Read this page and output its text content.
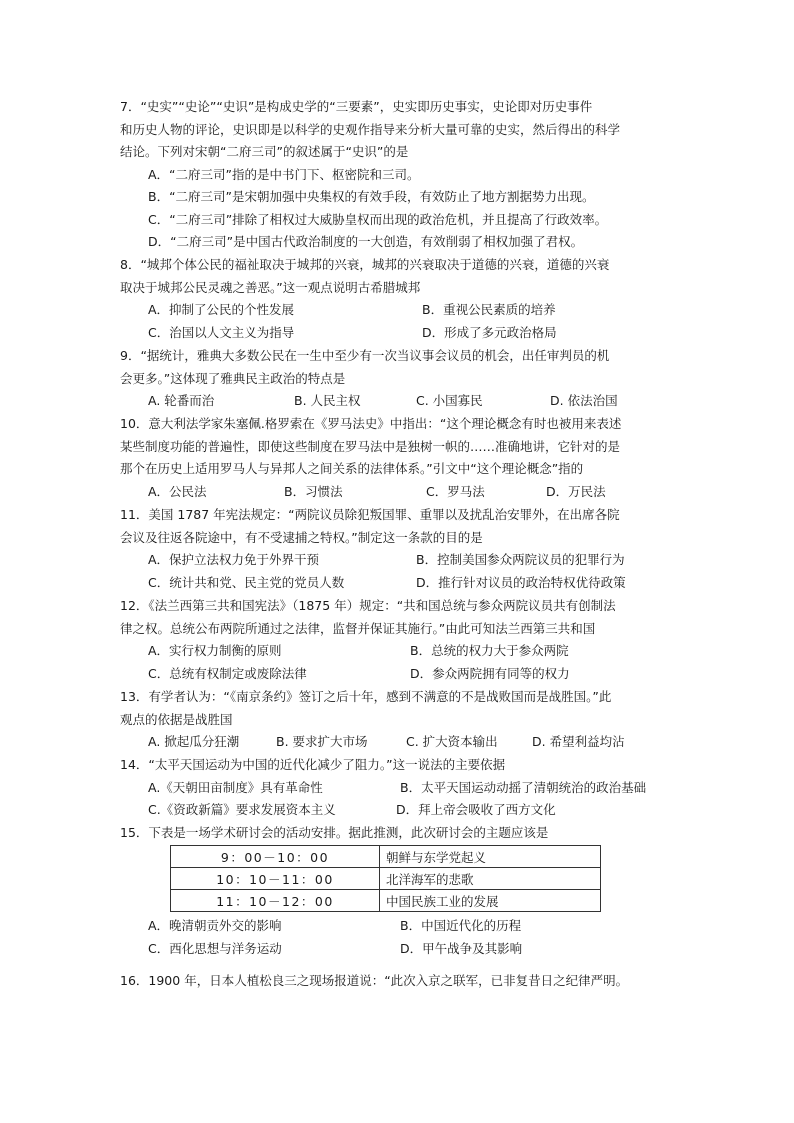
7．“史实”“史论”“史识”是构成史学的“三要素”，史实即历史事实，史论即对历史事件
和历史人物的评论，史识即是以科学的史观作指导来分析大量可靠的史实，然后得出的科学
结论。下列对宋朝“二府三司”的叙述属于“史识”的是
A．“二府三司”指的是中书门下、枢密院和三司。
B．“二府三司”是宋朝加强中央集权的有效手段，有效防止了地方割据势力出现。
C．“二府三司”排除了相权过大威胁皇权而出现的政治危机，并且提高了行政效率。
D．“二府三司”是中国古代政治制度的一大创造，有效削弱了相权加强了君权。
8．“城邦个体公民的福祉取决于城邦的兴衰，城邦的兴衰取决于道德的兴衰，道德的兴衰
取决于城邦公民灵魂之善恶。”这一观点说明古希腊城邦
A．抑制了公民的个性发展	B．重视公民素质的培养
C．治国以人文主义为指导	D．形成了多元政治格局
9．“据统计，雅典大多数公民在一生中至少有一次当议事会议员的机会，出任审判员的机
会更多。”这体现了雅典民主政治的特点是
A. 轮番而治	B. 人民主权	C. 小国寡民	D. 依法治国
10．意大利法学家朱塞佩.格罗索在《罗马法史》中指出：“这个理论概念有时也被用来表述
某些制度功能的普遍性，即使这些制度在罗马法中是独树一帜的……准确地讲，它针对的是
那个在历史上适用罗马人与异邦人之间关系的法律体系。”引文中“这个理论概念”指的
A．公民法	B．习惯法	C．罗马法	D．万民法
11．美国 1787 年宪法规定：“两院议员除犯叛国罪、重罪以及扰乱治安罪外，在出席各院
会议及往返各院途中，有不受逮捕之特权。”制定这一条款的目的是
A．保护立法权力免于外界干预	B．控制美国参众两院议员的犯罪行为
C．统计共和党、民主党的党员人数	D．推行针对议员的政治特权优待政策
12．《法兰西第三共和国宪法》（1875 年）规定：“共和国总统与参众两院议员共有创制法
律之权。总统公布两院所通过之法律，监督并保证其施行。”由此可知法兰西第三共和国
A．实行权力制衡的原则	B．总统的权力大于参众两院
C．总统有权制定或废除法律	D．参众两院拥有同等的权力
13．有学者认为：“《南京条约》签订之后十年，感到不满意的不是战败国而是战胜国。”此
观点的依据是战胜国
A. 掀起瓜分狂潮	B. 要求扩大市场	C. 扩大资本输出	D. 希望利益均沾
14．“太平天国运动为中国的近代化减少了阻力。”这一说法的主要依据
A.《天朝田亩制度》具有革命性	B．太平天国运动动摇了清朝统治的政治基础
C.《资政新篇》要求发展资本主义	D．拜上帝会吸收了西方文化
15．下表是一场学术研讨会的活动安排。据此推测，此次研讨会的主题应该是
9：00－10：00	朝鲜与东学党起义
10：10－11：00	北洋海军的悲歌
11：10－12：00	中国民族工业的发展
A．晚清朝贡外交的影响	B．中国近代化的历程
C．西化思想与洋务运动	D．甲午战争及其影响
16．1900 年，日本人植松良三之现场报道说：“此次入京之联军，已非复昔日之纪律严明。
